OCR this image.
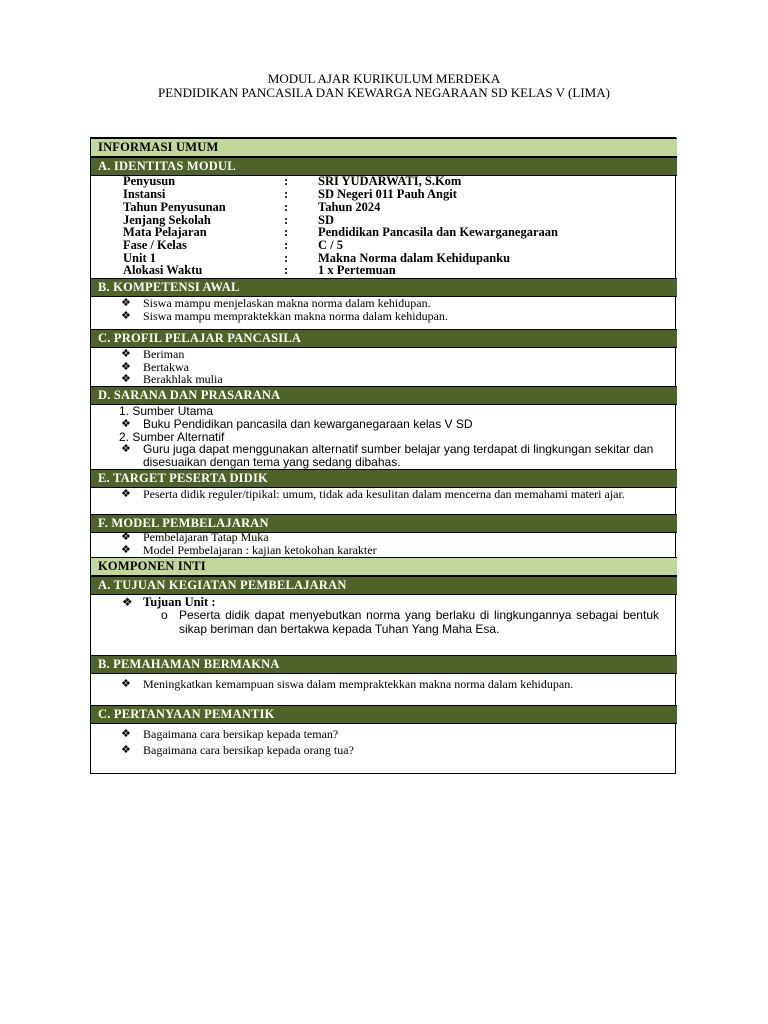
MODUL AJAR KURIKULUM MERDEKA
PENDIDIKAN PANCASILA DAN KEWARGA NEGARAAN SD KELAS V (LIMA)
INFORMASI UMUM
A. IDENTITAS MODUL
Penyusun	: SRI YUDARWATI, S.Kom
Instansi	: SD Negeri 011 Pauh Angit
Tahun Penyusunan	: Tahun 2024
Jenjang Sekolah	: SD
Mata Pelajaran	: Pendidikan Pancasila dan Kewarganegaraan
Fase / Kelas	: C / 5
Unit 1	: Makna Norma dalam Kehidupanku
Alokasi Waktu	: 1 x Pertemuan
B. KOMPETENSI AWAL
❖ Siswa mampu menjelaskan makna norma dalam kehidupan.
❖ Siswa mampu mempraktekkan makna norma dalam kehidupan.
C. PROFIL PELAJAR PANCASILA
❖ Beriman
❖ Bertakwa
❖ Berakhlak mulia
D. SARANA DAN PRASARANA
1. Sumber Utama
❖ Buku Pendidikan pancasila dan kewarganegaraan kelas V SD
2. Sumber Alternatif
❖ Guru juga dapat menggunakan alternatif sumber belajar yang terdapat di lingkungan sekitar dan disesuaikan dengan tema yang sedang dibahas.
E. TARGET PESERTA DIDIK
❖ Peserta didik reguler/tipikal: umum, tidak ada kesulitan dalam mencerna dan memahami materi ajar.
F. MODEL PEMBELAJARAN
❖ Pembelajaran Tatap Muka
❖ Model Pembelajaran : kajian ketokohan karakter
KOMPONEN INTI
A. TUJUAN KEGIATAN PEMBELAJARAN
❖ Tujuan Unit :
o Peserta didik dapat menyebutkan norma yang berlaku di lingkungannya sebagai bentuk sikap beriman dan bertakwa kepada Tuhan Yang Maha Esa.
B. PEMAHAMAN BERMAKNA
❖ Meningkatkan kemampuan siswa dalam mempraktekkan makna norma dalam kehidupan.
C. PERTANYAAN PEMANTIK
❖ Bagaimana cara bersikap kepada teman?
❖ Bagaimana cara bersikap kepada orang tua?
